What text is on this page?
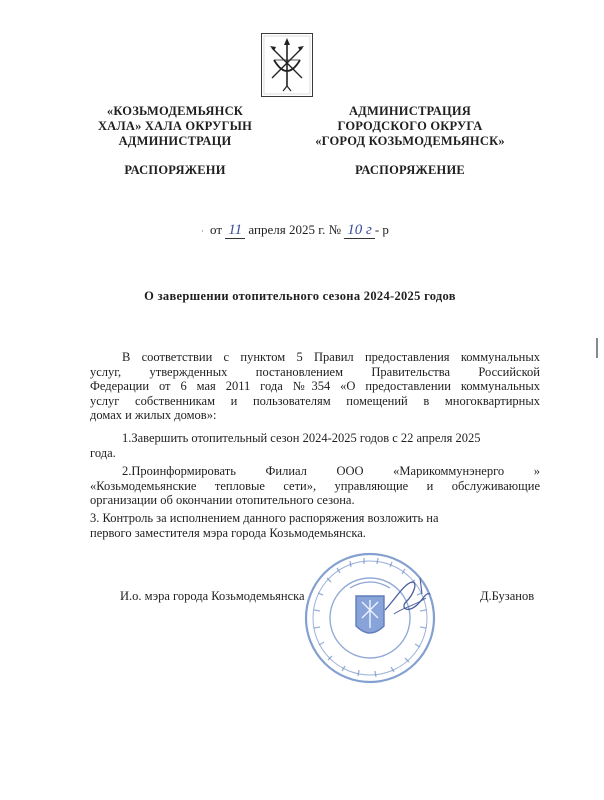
«КОЗЬМОДЕМЬЯНСК
ХАЛА» ХАЛА ОКРУГЫН
АДМИНИСТРАЦИ
АДМИНИСТРАЦИЯ
ГОРОДСКОГО ОКРУГА
«ГОРОД КОЗЬМОДЕМЬЯНСК»
РАСПОРЯЖЕНИ	РАСПОРЯЖЕНИЕ
· от 11 апреля 2025 г. № 10 г - р
О завершении отопительного сезона 2024-2025 годов
В соответствии с пунктом 5 Правил предоставления коммунальных
услуг, утвержденных постановлением Правительства Российской
Федерации от 6 мая 2011 года №354 «О предоставлении коммунальных
услуг собственникам и пользователям помещений в многоквартирных
домах и жилых домов»:
1.Завершить отопительный сезон 2024-2025 годов с 22 апреля 2025
года.
2.Проинформировать Филиал ООО «Марикоммунэнерго »
«Козьмодемьянские тепловые сети», управляющие и обслуживающие
организации об окончании отопительного сезона.
3. Контроль за исполнением данного распоряжения возложить на
первого заместителя мэра города Козьмодемьянска.
И.о. мэра города Козьмодемьянска	Д.Бузанов
